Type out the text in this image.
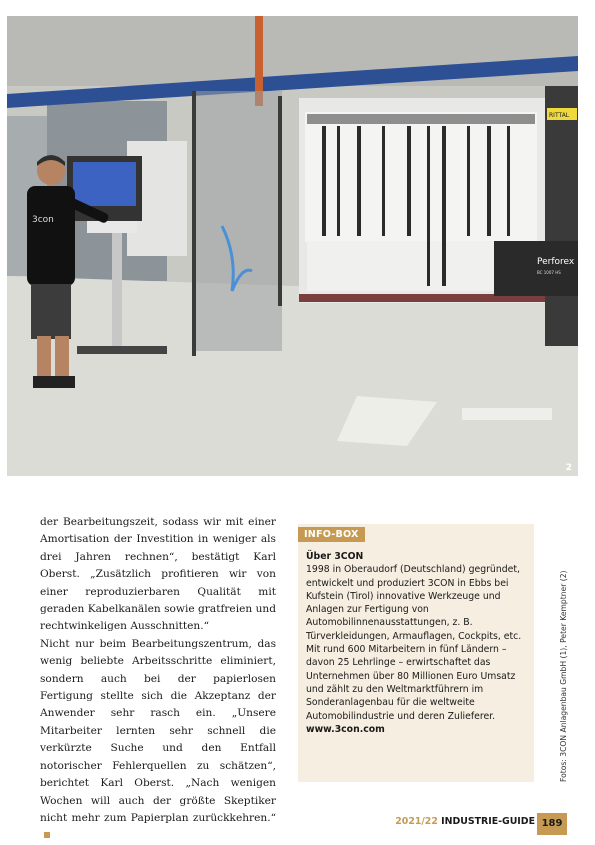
Perforex
BC 1007 HS
RITTAL
3con
2

der Bearbeitungszeit, sodass wir mit einer Amortisation der Investition in weniger als drei Jahren rechnen“, bestätigt Karl Oberst. „Zusätzlich profitieren wir von einer reproduzierbaren Qualität mit geraden Kabelkanälen sowie gratfreien und rechtwinkeligen Ausschnitten.“

Nicht nur beim Bearbeitungszentrum, das wenig beliebte Arbeitsschritte eliminiert, sondern auch bei der papierlosen Fertigung stellte sich die Akzeptanz der Anwender sehr rasch ein. „Unsere Mitarbeiter lernten sehr schnell die verkürzte Suche und den Entfall notorischer Fehlerquellen zu schätzen“, berichtet Karl Oberst. „Nach wenigen Wochen will auch der größte Skeptiker nicht mehr zum Papierplan zurückkehren.“

INFO-BOX
Über 3CON
1998 in Oberaudorf (Deutschland) gegründet, entwickelt und produziert 3CON in Ebbs bei Kufstein (Tirol) innovative Werkzeuge und Anlagen zur Fertigung von Automobilinnenausstattungen, z. B. Türverkleidungen, Armauflagen, Cockpits, etc. Mit rund 600 Mitarbeitern in fünf Ländern – davon 25 Lehrlinge – erwirtschaftet das Unternehmen über 80 Millionen Euro Umsatz und zählt zu den Weltmarktführern im Sonderanlagenbau für die weltweite Automobilindustrie und deren Zulieferer.
www.3con.com	Fotos: 3CON Anlagenbau GmbH (1), Peter Kemptner (2)
2021/22 INDUSTRIE-GUIDE 189
